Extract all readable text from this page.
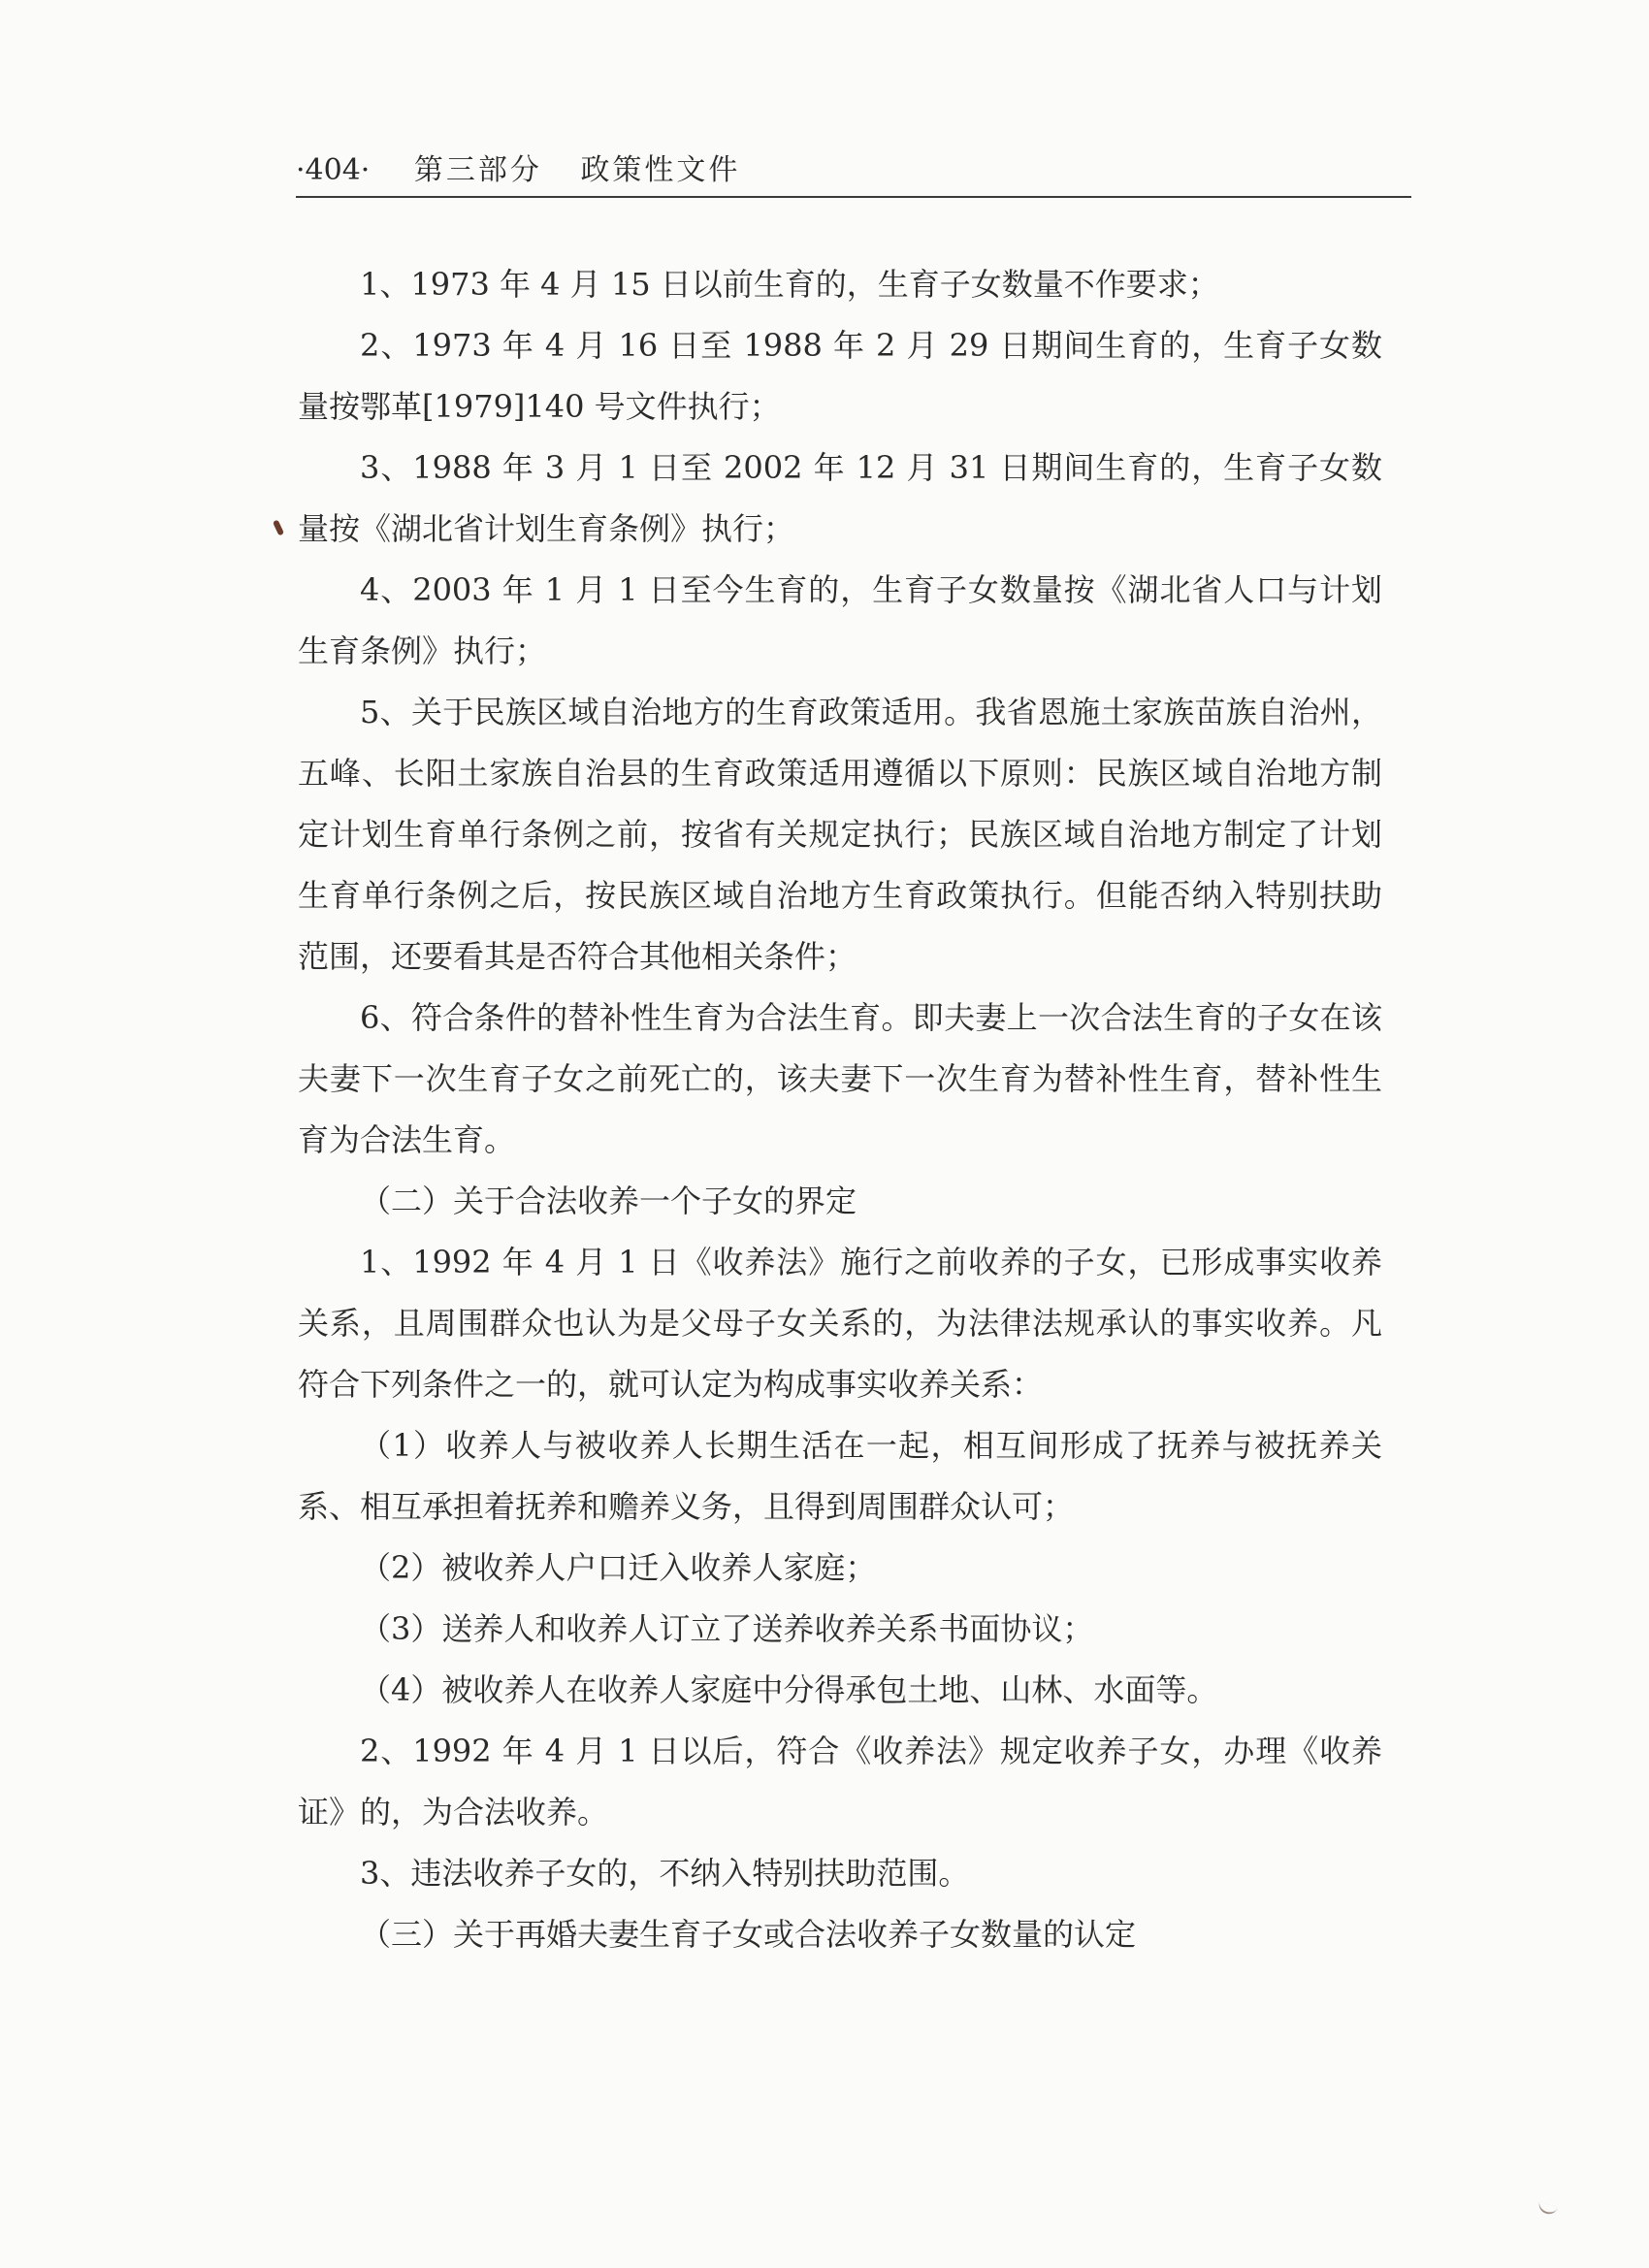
·404· 第三部分 政策性文件

1、1973 年 4 月 15 日以前生育的，生育子女数量不作要求；

2、1973 年 4 月 16 日至 1988 年 2 月 29 日期间生育的，生育子女数量按鄂革[1979]140 号文件执行；

3、1988 年 3 月 1 日至 2002 年 12 月 31 日期间生育的，生育子女数量按《湖北省计划生育条例》执行；

4、2003 年 1 月 1 日至今生育的，生育子女数量按《湖北省人口与计划生育条例》执行；

5、关于民族区域自治地方的生育政策适用。我省恩施土家族苗族自治州，五峰、长阳土家族自治县的生育政策适用遵循以下原则：民族区域自治地方制定计划生育单行条例之前，按省有关规定执行；民族区域自治地方制定了计划生育单行条例之后，按民族区域自治地方生育政策执行。但能否纳入特别扶助范围，还要看其是否符合其他相关条件；

6、符合条件的替补性生育为合法生育。即夫妻上一次合法生育的子女在该夫妻下一次生育子女之前死亡的，该夫妻下一次生育为替补性生育，替补性生育为合法生育。

（二）关于合法收养一个子女的界定

1、1992 年 4 月 1 日《收养法》施行之前收养的子女，已形成事实收养关系，且周围群众也认为是父母子女关系的，为法律法规承认的事实收养。凡符合下列条件之一的，就可认定为构成事实收养关系：

（1）收养人与被收养人长期生活在一起，相互间形成了抚养与被抚养关系、相互承担着抚养和赡养义务，且得到周围群众认可；

（2）被收养人户口迁入收养人家庭；

（3）送养人和收养人订立了送养收养关系书面协议；

（4）被收养人在收养人家庭中分得承包土地、山林、水面等。

2、1992 年 4 月 1 日以后，符合《收养法》规定收养子女，办理《收养证》的，为合法收养。

3、违法收养子女的，不纳入特别扶助范围。

（三）关于再婚夫妻生育子女或合法收养子女数量的认定
